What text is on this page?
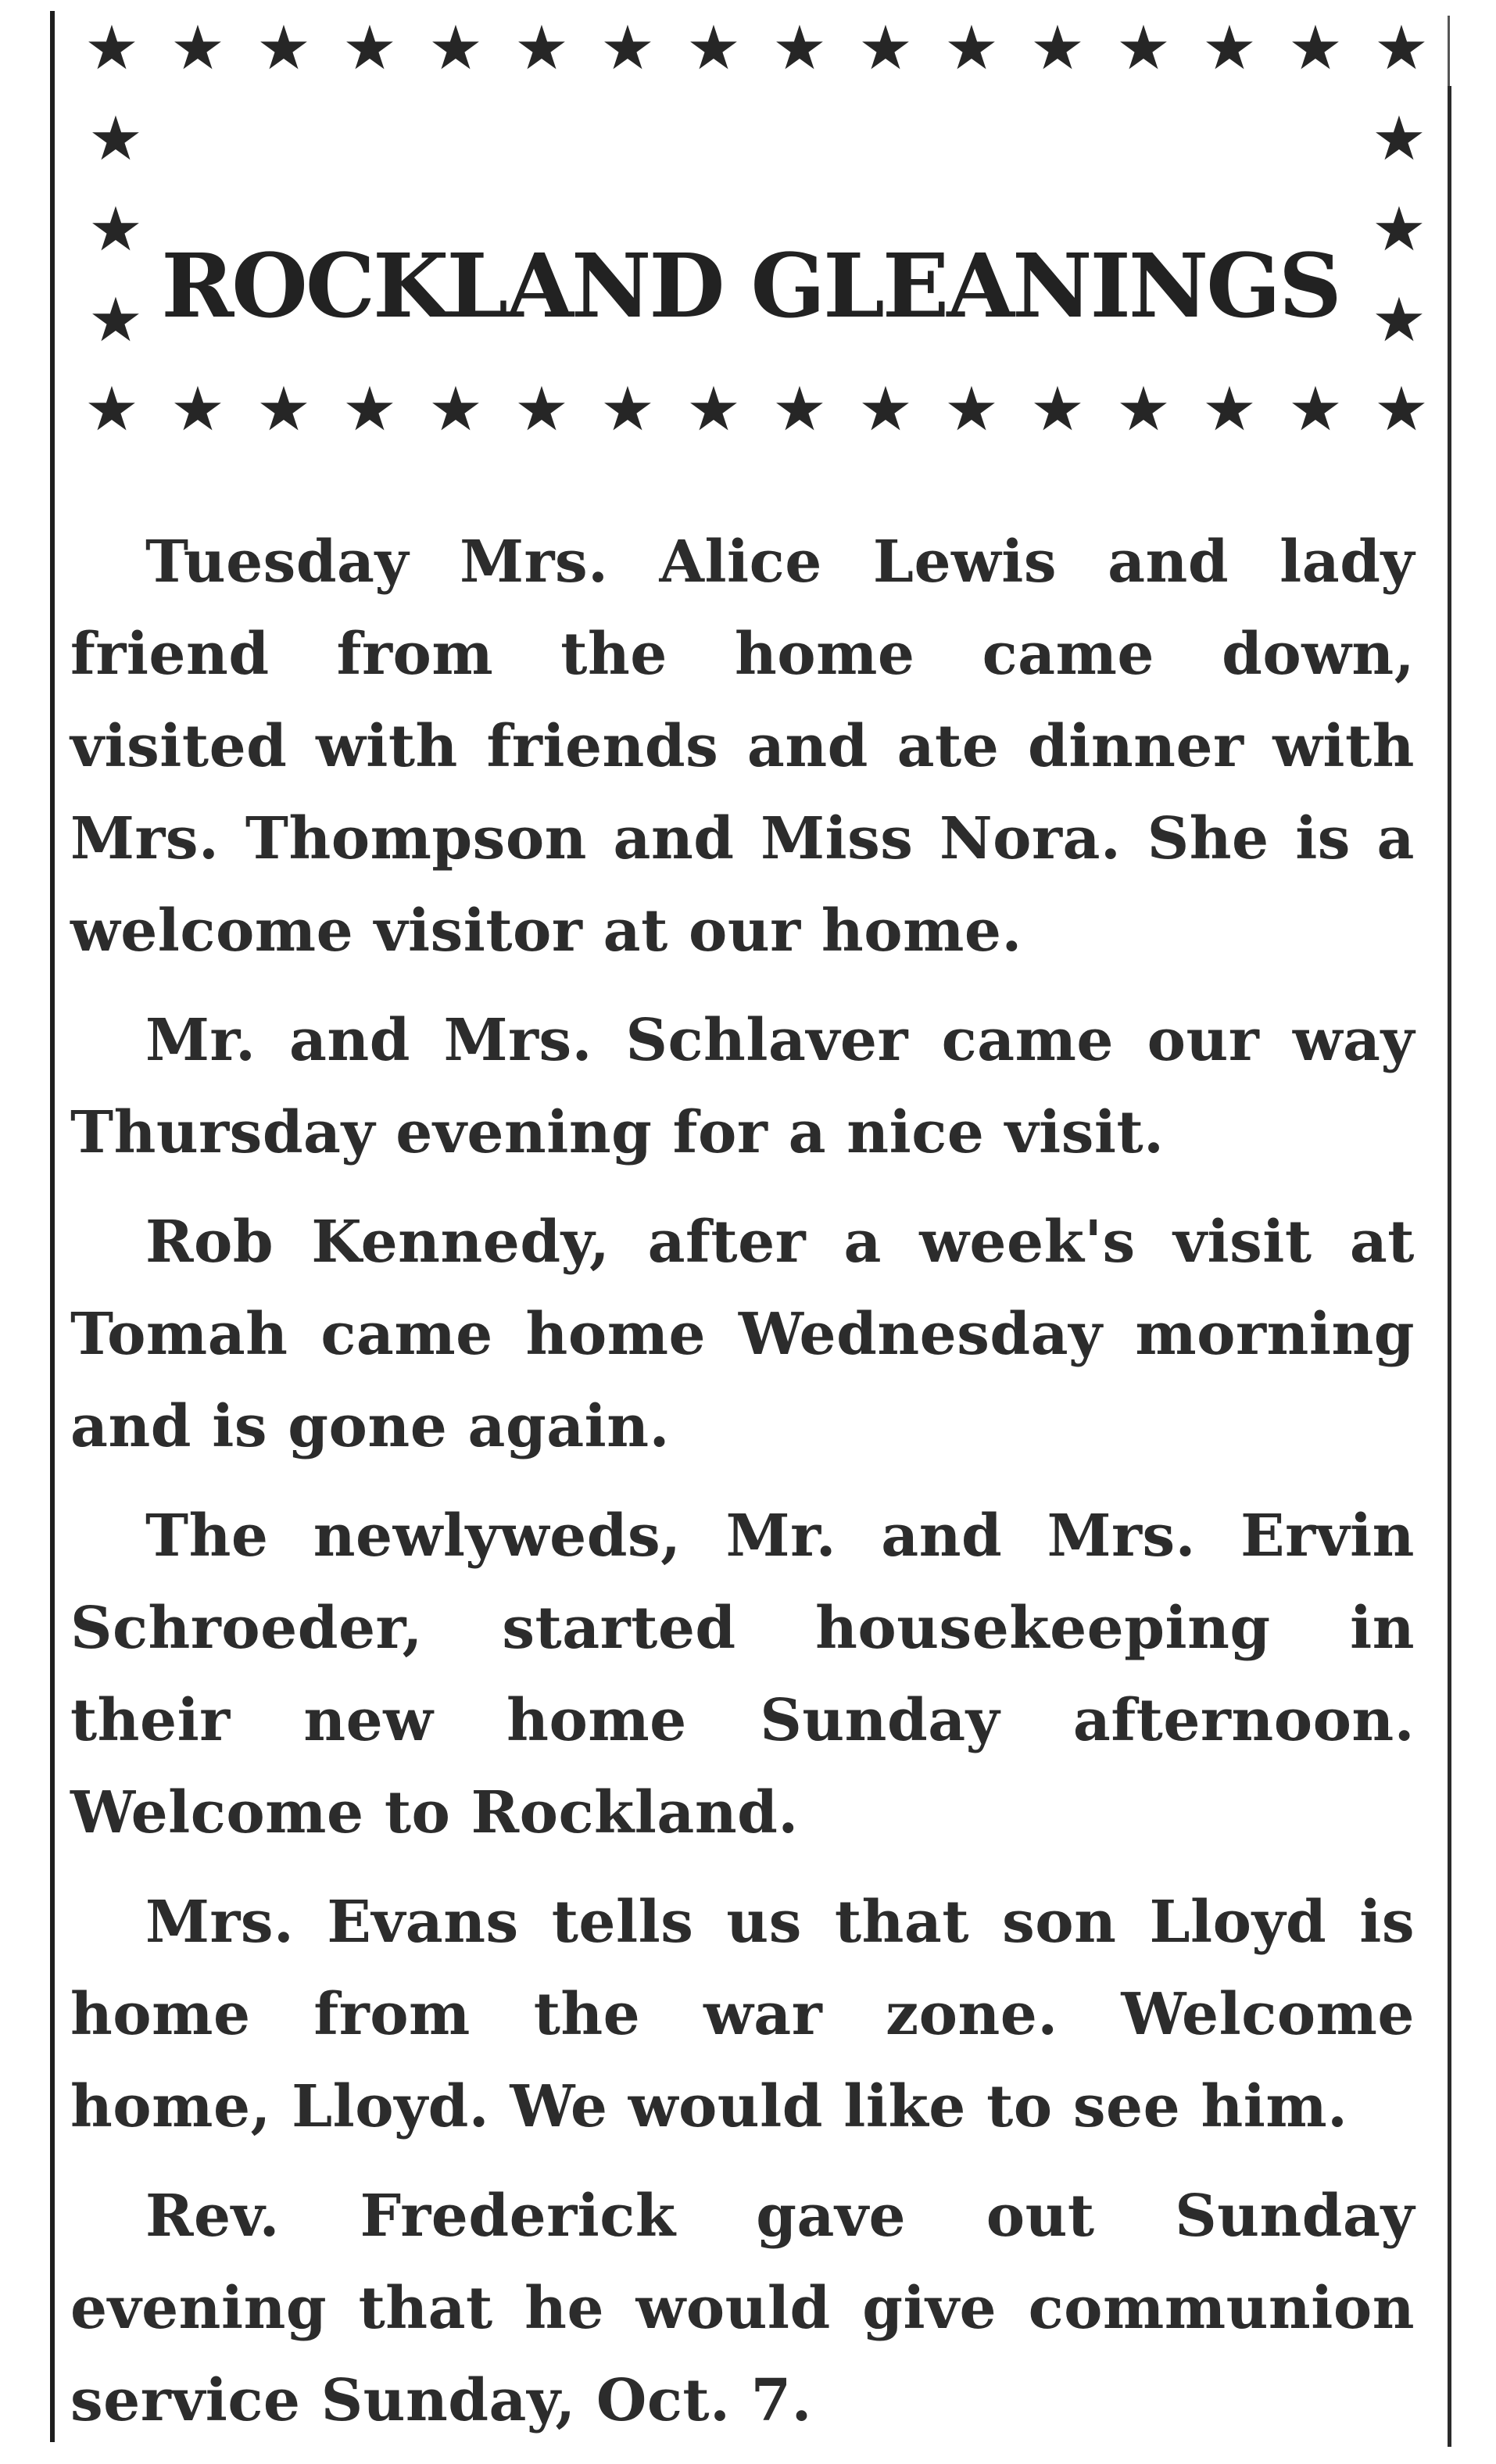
★ ★ ★ ★ ★ ★ ★ ★ ★ ★ ★ ★ ★ ★ ★ ★
★
★
★
★
★
★
★ ★ ★ ★ ★ ★ ★ ★ ★ ★ ★ ★ ★ ★ ★ ★
ROCKLAND GLEANINGS

Tuesday Mrs. Alice Lewis and lady friend from the home came down, visited with friends and ate dinner with Mrs. Thompson and Miss Nora. She is a welcome visitor at our home.

Mr. and Mrs. Schlaver came our way Thursday evening for a nice visit.

Rob Kennedy, after a week's visit at Tomah came home Wednesday morning and is gone again.

The newlyweds, Mr. and Mrs. Ervin Schroeder, started housekeeping in their new home Sunday afternoon. Welcome to Rockland.

Mrs. Evans tells us that son Lloyd is home from the war zone. Welcome home, Lloyd. We would like to see him.

Rev. Frederick gave out Sunday evening that he would give communion service Sunday, Oct. 7.
